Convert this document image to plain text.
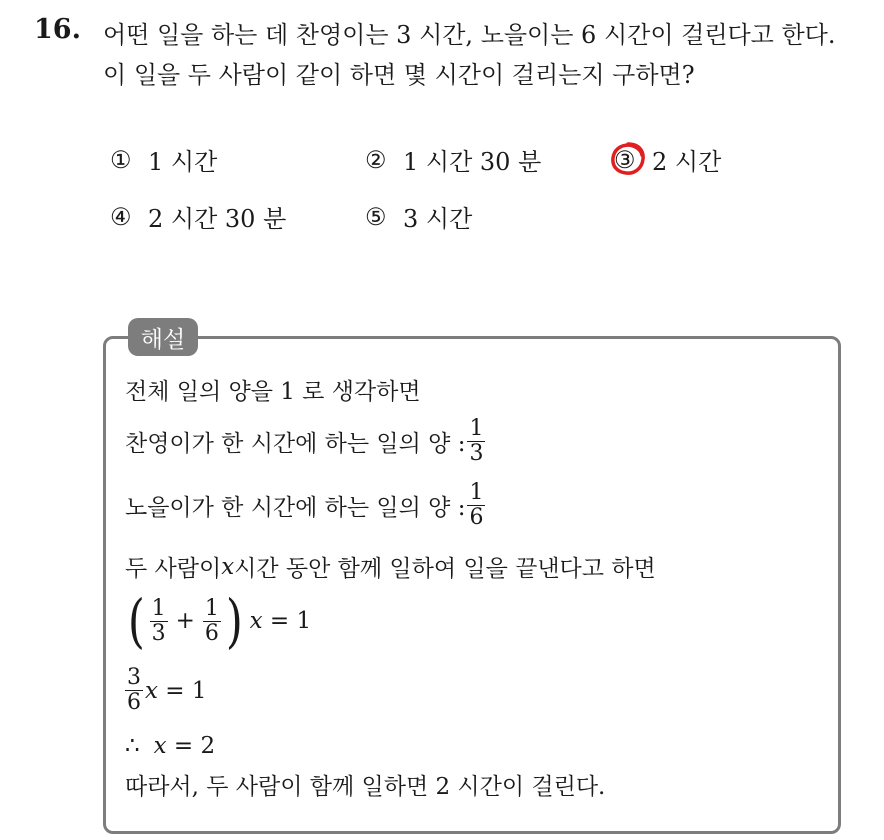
16. 어떤 일을 하는 데 찬영이는 3 시간, 노을이는 6 시간이 걸린다고 한다.
이 일을 두 사람이 같이 하면 몇 시간이 걸리는지 구하면?
① 1 시간	② 1 시간 30 분	③ 2 시간
④ 2 시간 30 분	⑤ 3 시간
해설
전체 일의 양을 1 로 생각하면
찬영이가 한 시간에 하는 일의 양 : $\frac{1}{3}$
노을이가 한 시간에 하는 일의 양 : $\frac{1}{6}$
두 사람이 x 시간 동안 함께 일하여 일을 끝낸다고 하면
( $\frac{1}{3} + \frac{1}{6}$ ) x = 1
$\frac{3}{6}$ x = 1
∴ x = 2
따라서, 두 사람이 함께 일하면 2 시간이 걸린다.
